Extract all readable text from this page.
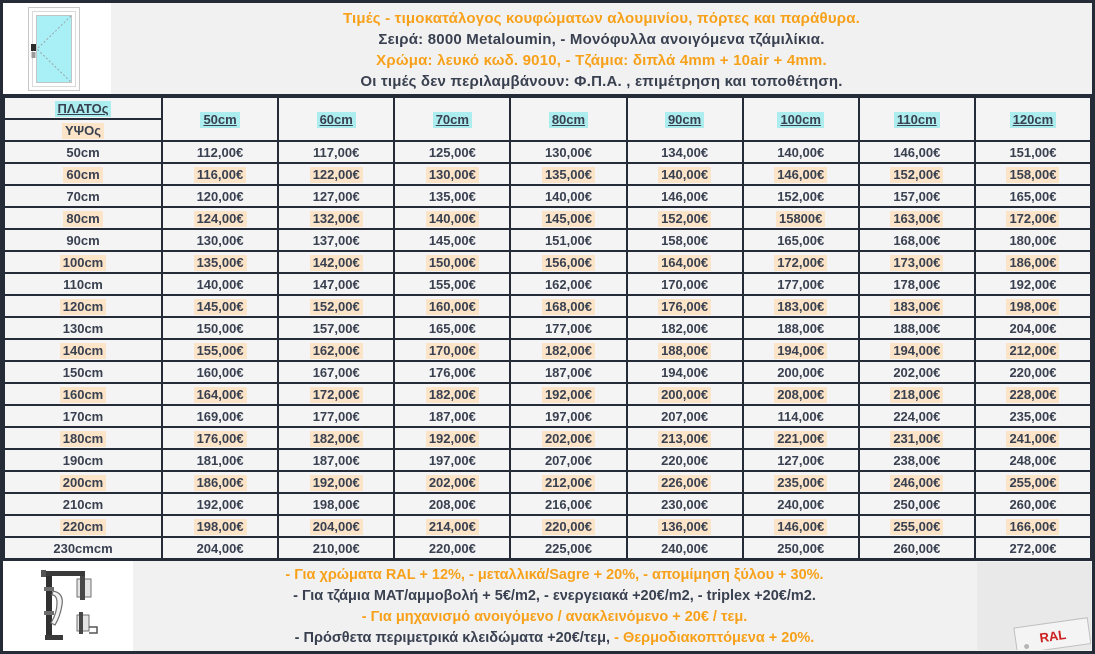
Τιμές - τιμοκατάλογος κουφώματων αλουμινίου, πόρτες και παράθυρα.
Σειρά: 8000 Metaloumin, - Μονόφυλλα ανοιγόμενα τζάμιλίκια.
Χρώμα: λευκό κωδ. 9010, - Τζάμια: διπλά 4mm + 10air + 4mm.
Οι τιμές δεν περιλαμβάνουν: Φ.Π.Α. , επιμέτρηση και τοποθέτηση.
ΠΛΑΤΟς	50cm	60cm	70cm	80cm	90cm	100cm	110cm	120cm
ΥΨΟς								
50cm	112,00€	117,00€	125,00€	130,00€	134,00€	140,00€	146,00€	151,00€
60cm	116,00€	122,00€	130,00€	135,00€	140,00€	146,00€	152,00€	158,00€
70cm	120,00€	127,00€	135,00€	140,00€	146,00€	152,00€	157,00€	165,00€
80cm	124,00€	132,00€	140,00€	145,00€	152,00€	15800€	163,00€	172,00€
90cm	130,00€	137,00€	145,00€	151,00€	158,00€	165,00€	168,00€	180,00€
100cm	135,00€	142,00€	150,00€	156,00€	164,00€	172,00€	173,00€	186,00€
110cm	140,00€	147,00€	155,00€	162,00€	170,00€	177,00€	178,00€	192,00€
120cm	145,00€	152,00€	160,00€	168,00€	176,00€	183,00€	183,00€	198,00€
130cm	150,00€	157,00€	165,00€	177,00€	182,00€	188,00€	188,00€	204,00€
140cm	155,00€	162,00€	170,00€	182,00€	188,00€	194,00€	194,00€	212,00€
150cm	160,00€	167,00€	176,00€	187,00€	194,00€	200,00€	202,00€	220,00€
160cm	164,00€	172,00€	182,00€	192,00€	200,00€	208,00€	218,00€	228,00€
170cm	169,00€	177,00€	187,00€	197,00€	207,00€	114,00€	224,00€	235,00€
180cm	176,00€	182,00€	192,00€	202,00€	213,00€	221,00€	231,00€	241,00€
190cm	181,00€	187,00€	197,00€	207,00€	220,00€	127,00€	238,00€	248,00€
200cm	186,00€	192,00€	202,00€	212,00€	226,00€	235,00€	246,00€	255,00€
210cm	192,00€	198,00€	208,00€	216,00€	230,00€	240,00€	250,00€	260,00€
220cm	198,00€	204,00€	214,00€	220,00€	136,00€	146,00€	255,00€	166,00€
230cmcm	204,00€	210,00€	220,00€	225,00€	240,00€	250,00€	260,00€	272,00€
- Για χρώματα RAL + 12%, - μεταλλικά/Sagre + 20%, - απομίμηση ξύλου + 30%.
- Για τζάμια ΜΑΤ/αμμοβολή + 5€/m2, - ενεργειακά +20€/m2, - triplex +20€/m2.
- Για μηχανισμό ανοιγόμενο / ανακλεινόμενο + 20€ / τεμ.
- Πρόσθετα περιμετρικά κλειδώματα +20€/τεμ, - Θερμοδιακοπτόμενα + 20%.	RAL
